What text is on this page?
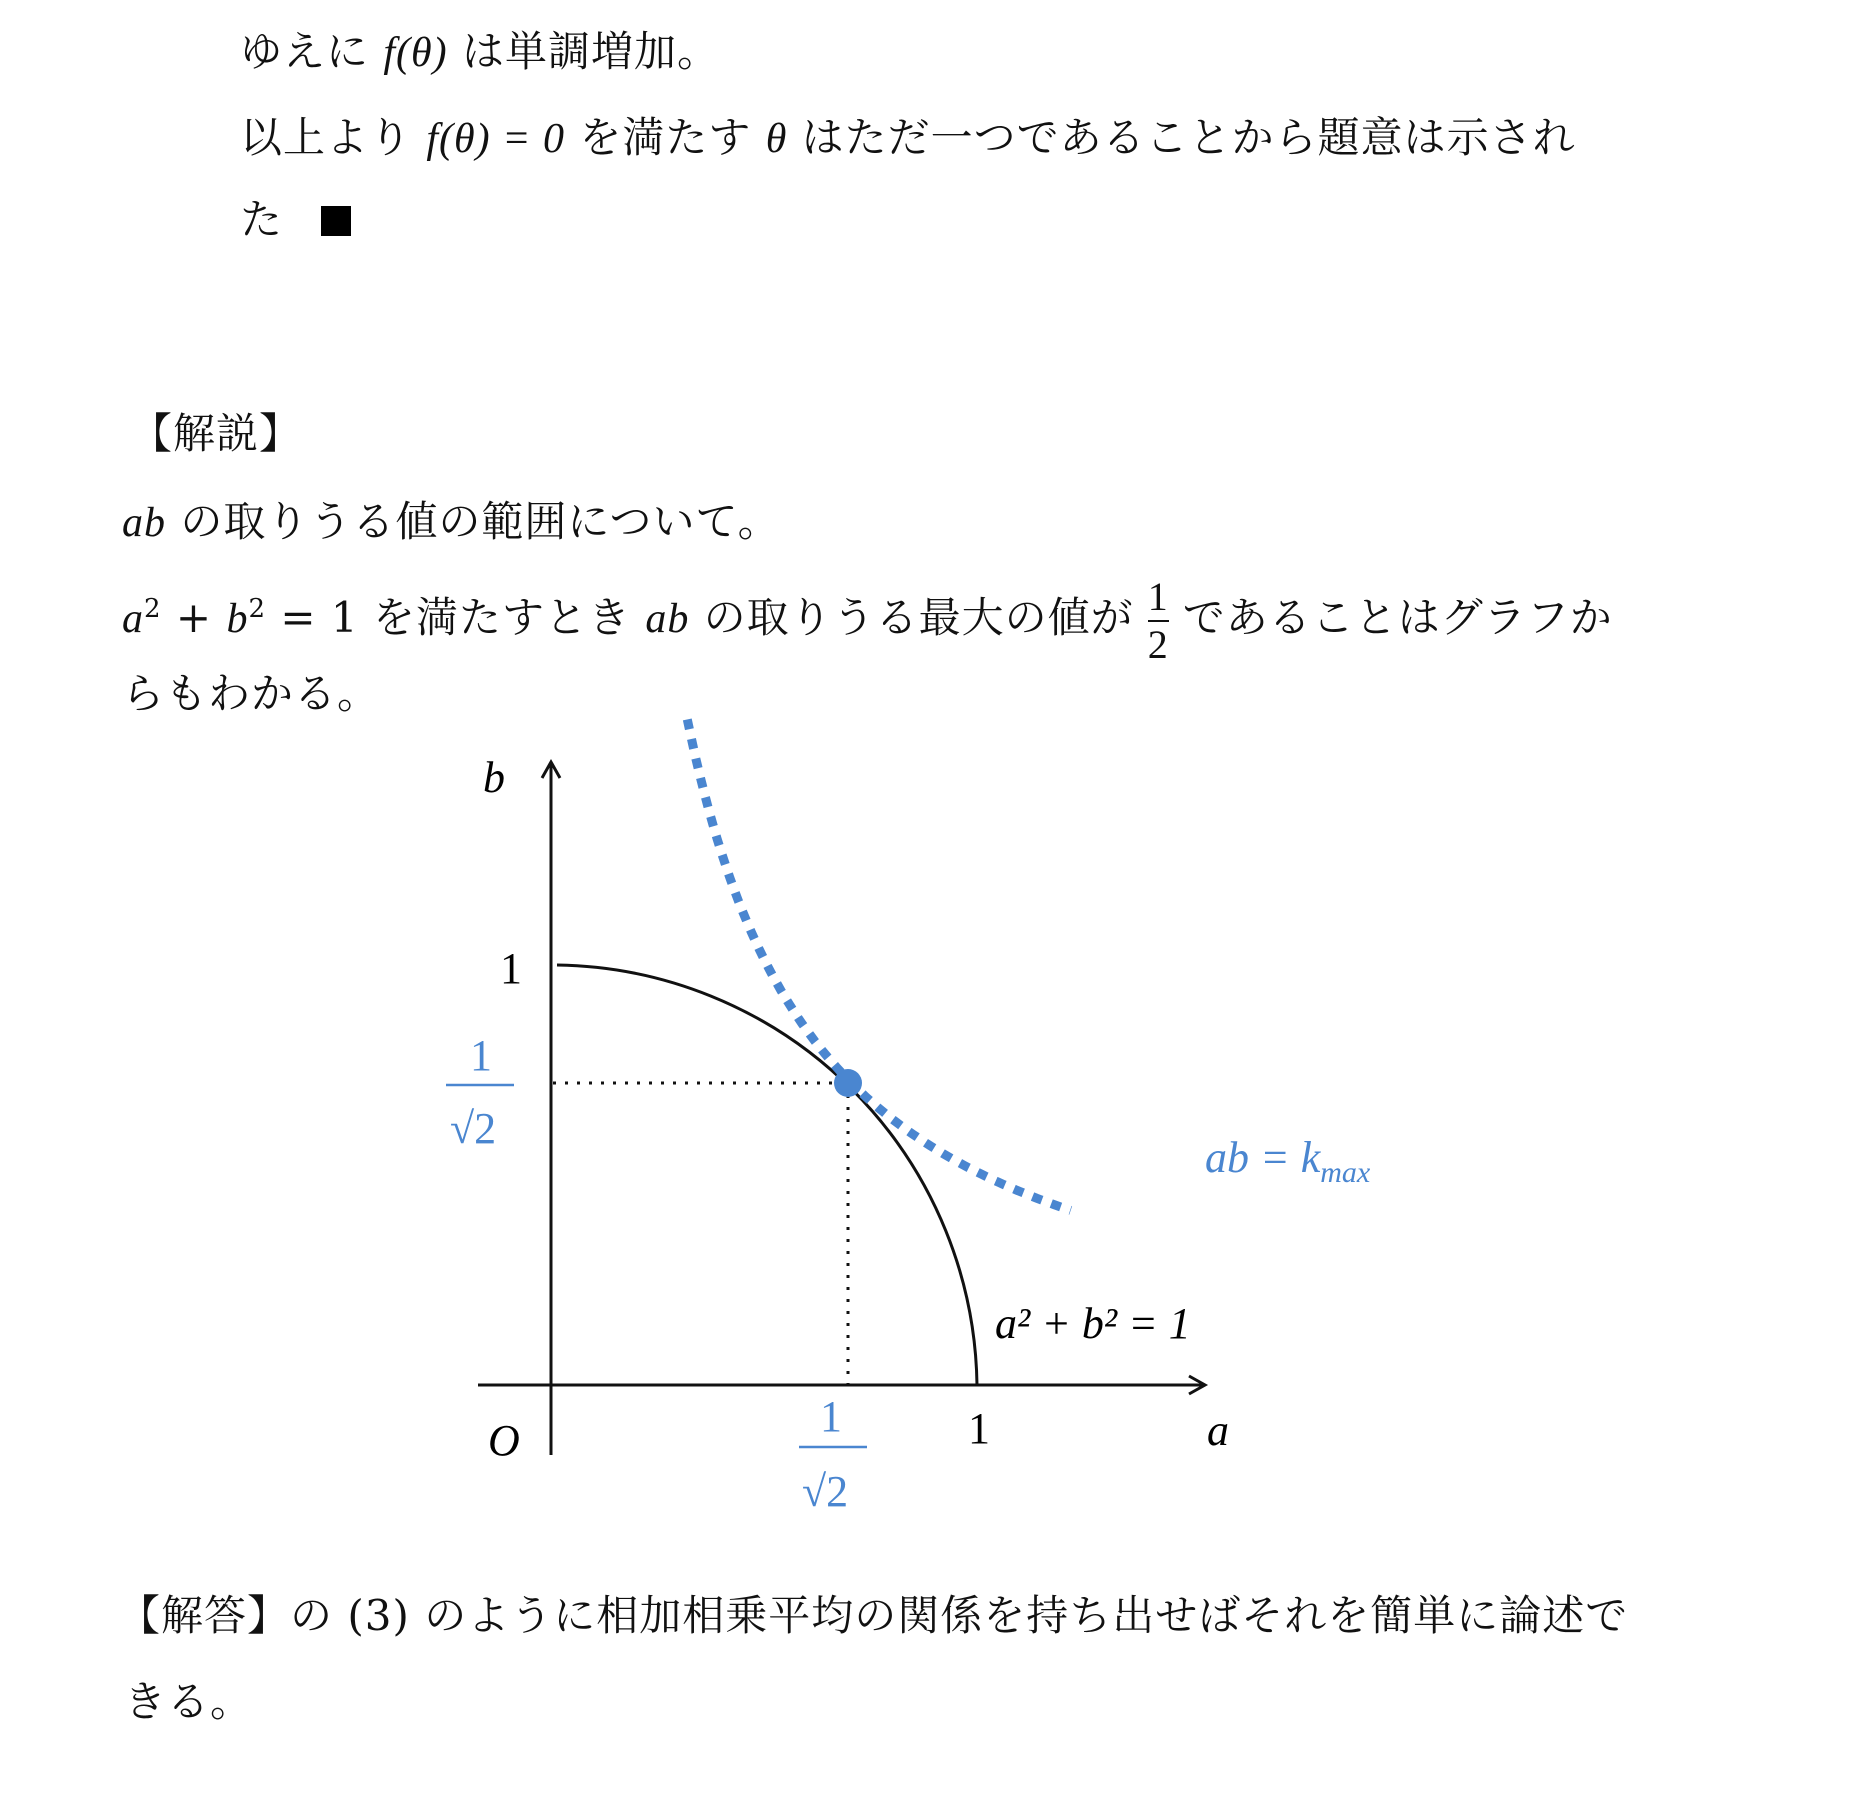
ゆえに f(θ) は単調増加。
以上より f(θ) = 0 を満たす θ はただ一つであることから題意は示され
た
【解説】
ab の取りうる値の範囲について。
$a^2 + b^2 = 1$ を満たすとき ab の取りうる最大の値が $\frac{1}{2}$ であることはグラフか
らもわかる。
b
a
O
1
1
1
√2
1
√2
ab = $k_{max}$
a² + b² = 1
【解答】の (3) のように相加相乗平均の関係を持ち出せばそれを簡単に論述で
きる。
